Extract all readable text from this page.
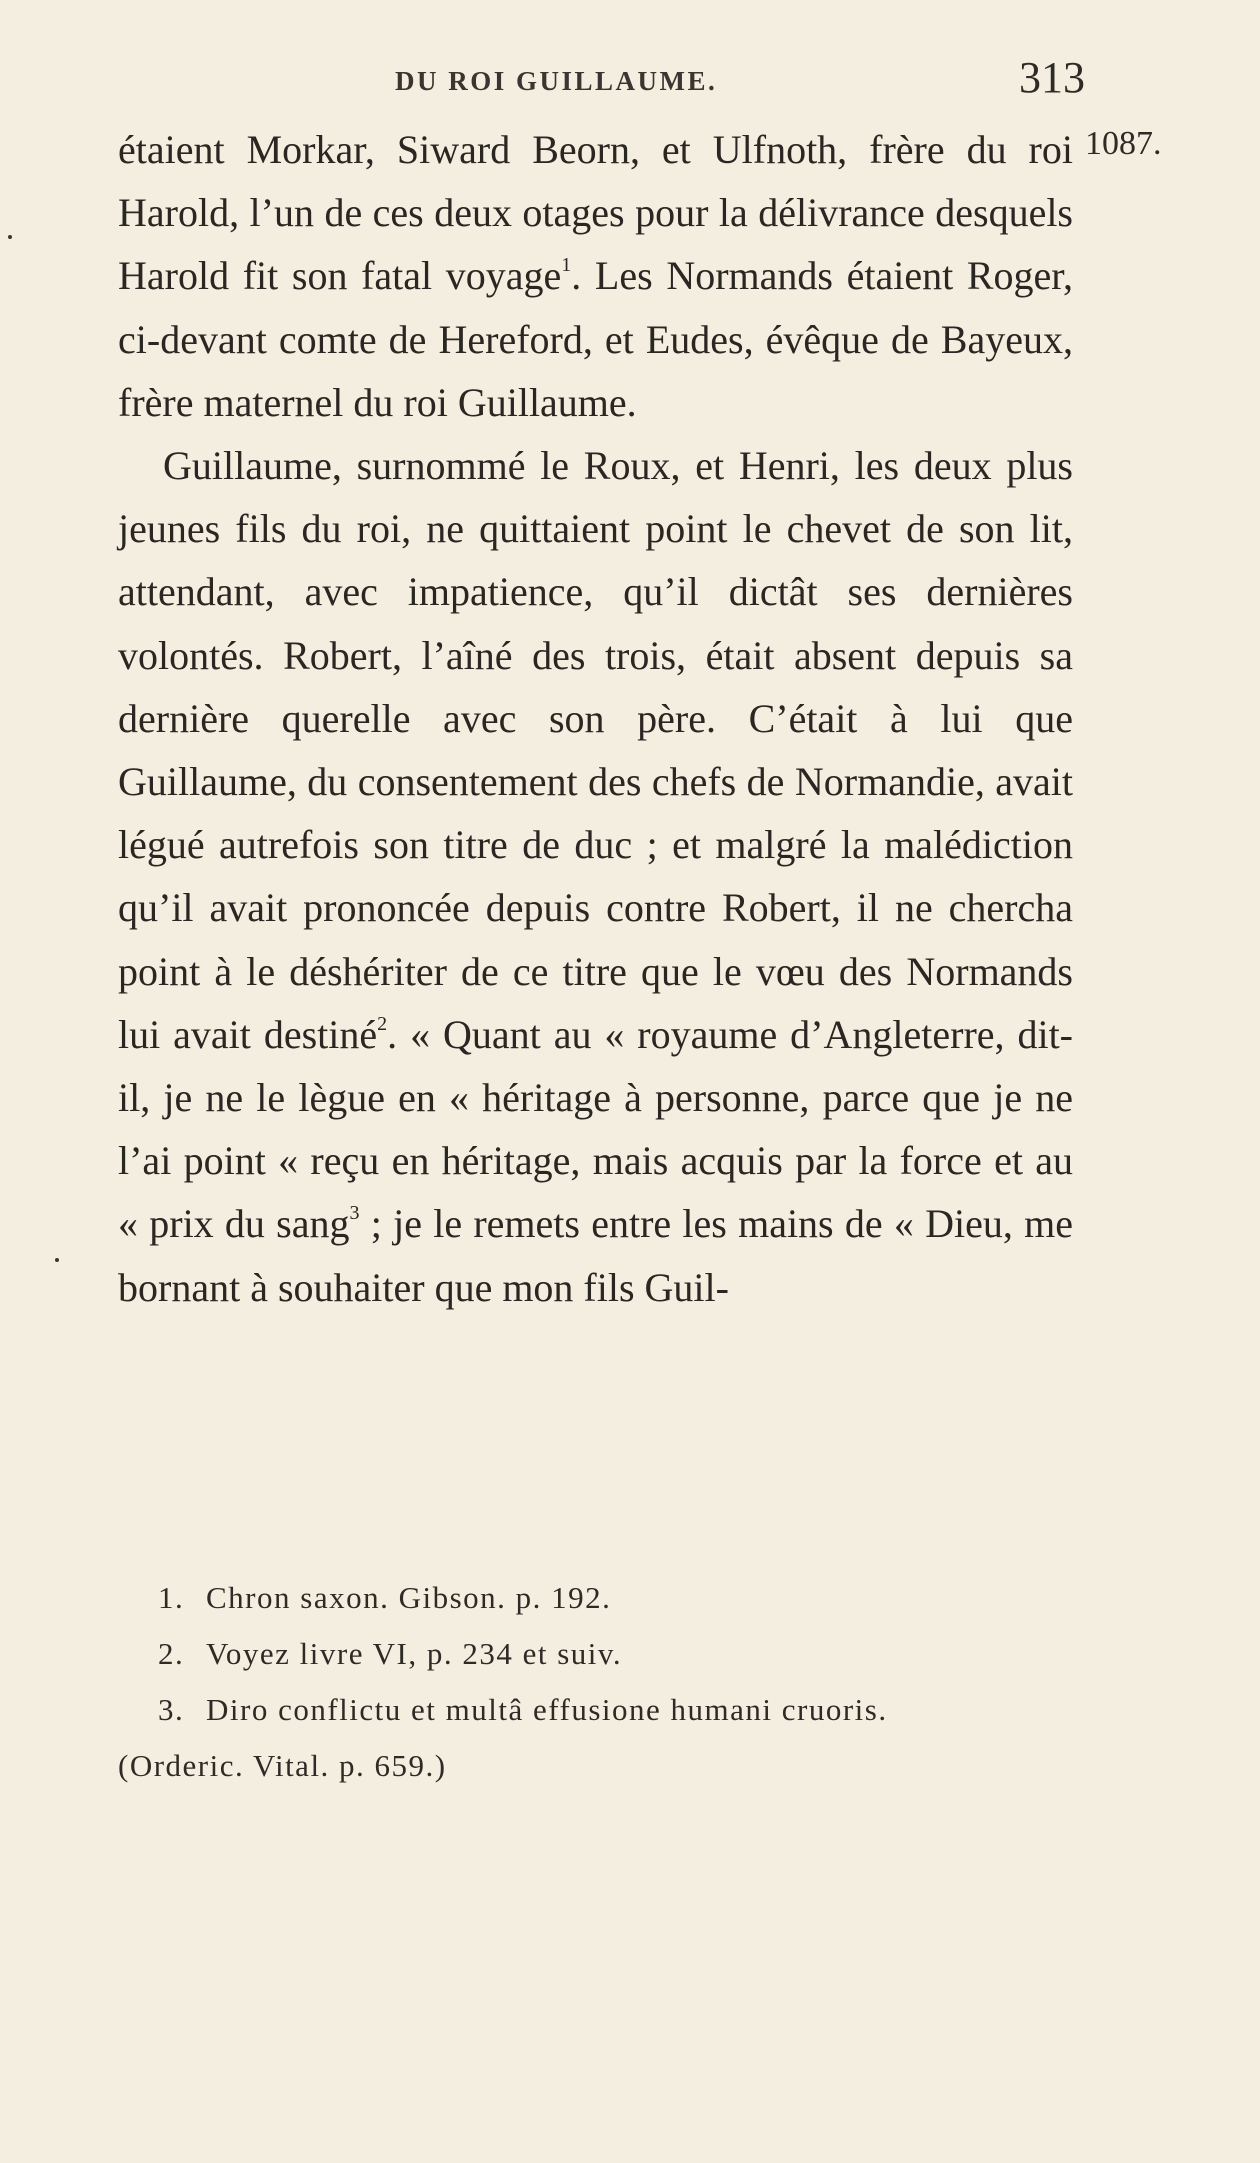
DU ROI GUILLAUME.	313
1087.

étaient Morkar, Siward Beorn, et Ulfnoth, frère du roi Harold, l’un de ces deux otages pour la délivrance desquels Harold fit son fatal voyage$^1$. Les Normands étaient Roger, ci-devant comte de Hereford, et Eudes, évêque de Bayeux, frère maternel du roi Guillaume.

Guillaume, surnommé le Roux, et Henri, les deux plus jeunes fils du roi, ne quittaient point le chevet de son lit, attendant, avec impatience, qu’il dictât ses dernières volontés. Robert, l’aîné des trois, était absent depuis sa dernière querelle avec son père. C’était à lui que Guillaume, du consentement des chefs de Normandie, avait légué autrefois son titre de duc ; et malgré la malédiction qu’il avait prononcée depuis contre Robert, il ne chercha point à le déshériter de ce titre que le vœu des Normands lui avait destiné$^2$. « Quant au « royaume d’Angleterre, dit-il, je ne le lègue en « héritage à personne, parce que je ne l’ai point « reçu en héritage, mais acquis par la force et au « prix du sang$^3$ ; je le remets entre les mains de « Dieu, me bornant à souhaiter que mon fils Guil-

1. Chron saxon. Gibson. p. 192.

2. Voyez livre VI, p. 234 et suiv.

3. Diro conflictu et multâ effusione humani cruoris.

(Orderic. Vital. p. 659.)
